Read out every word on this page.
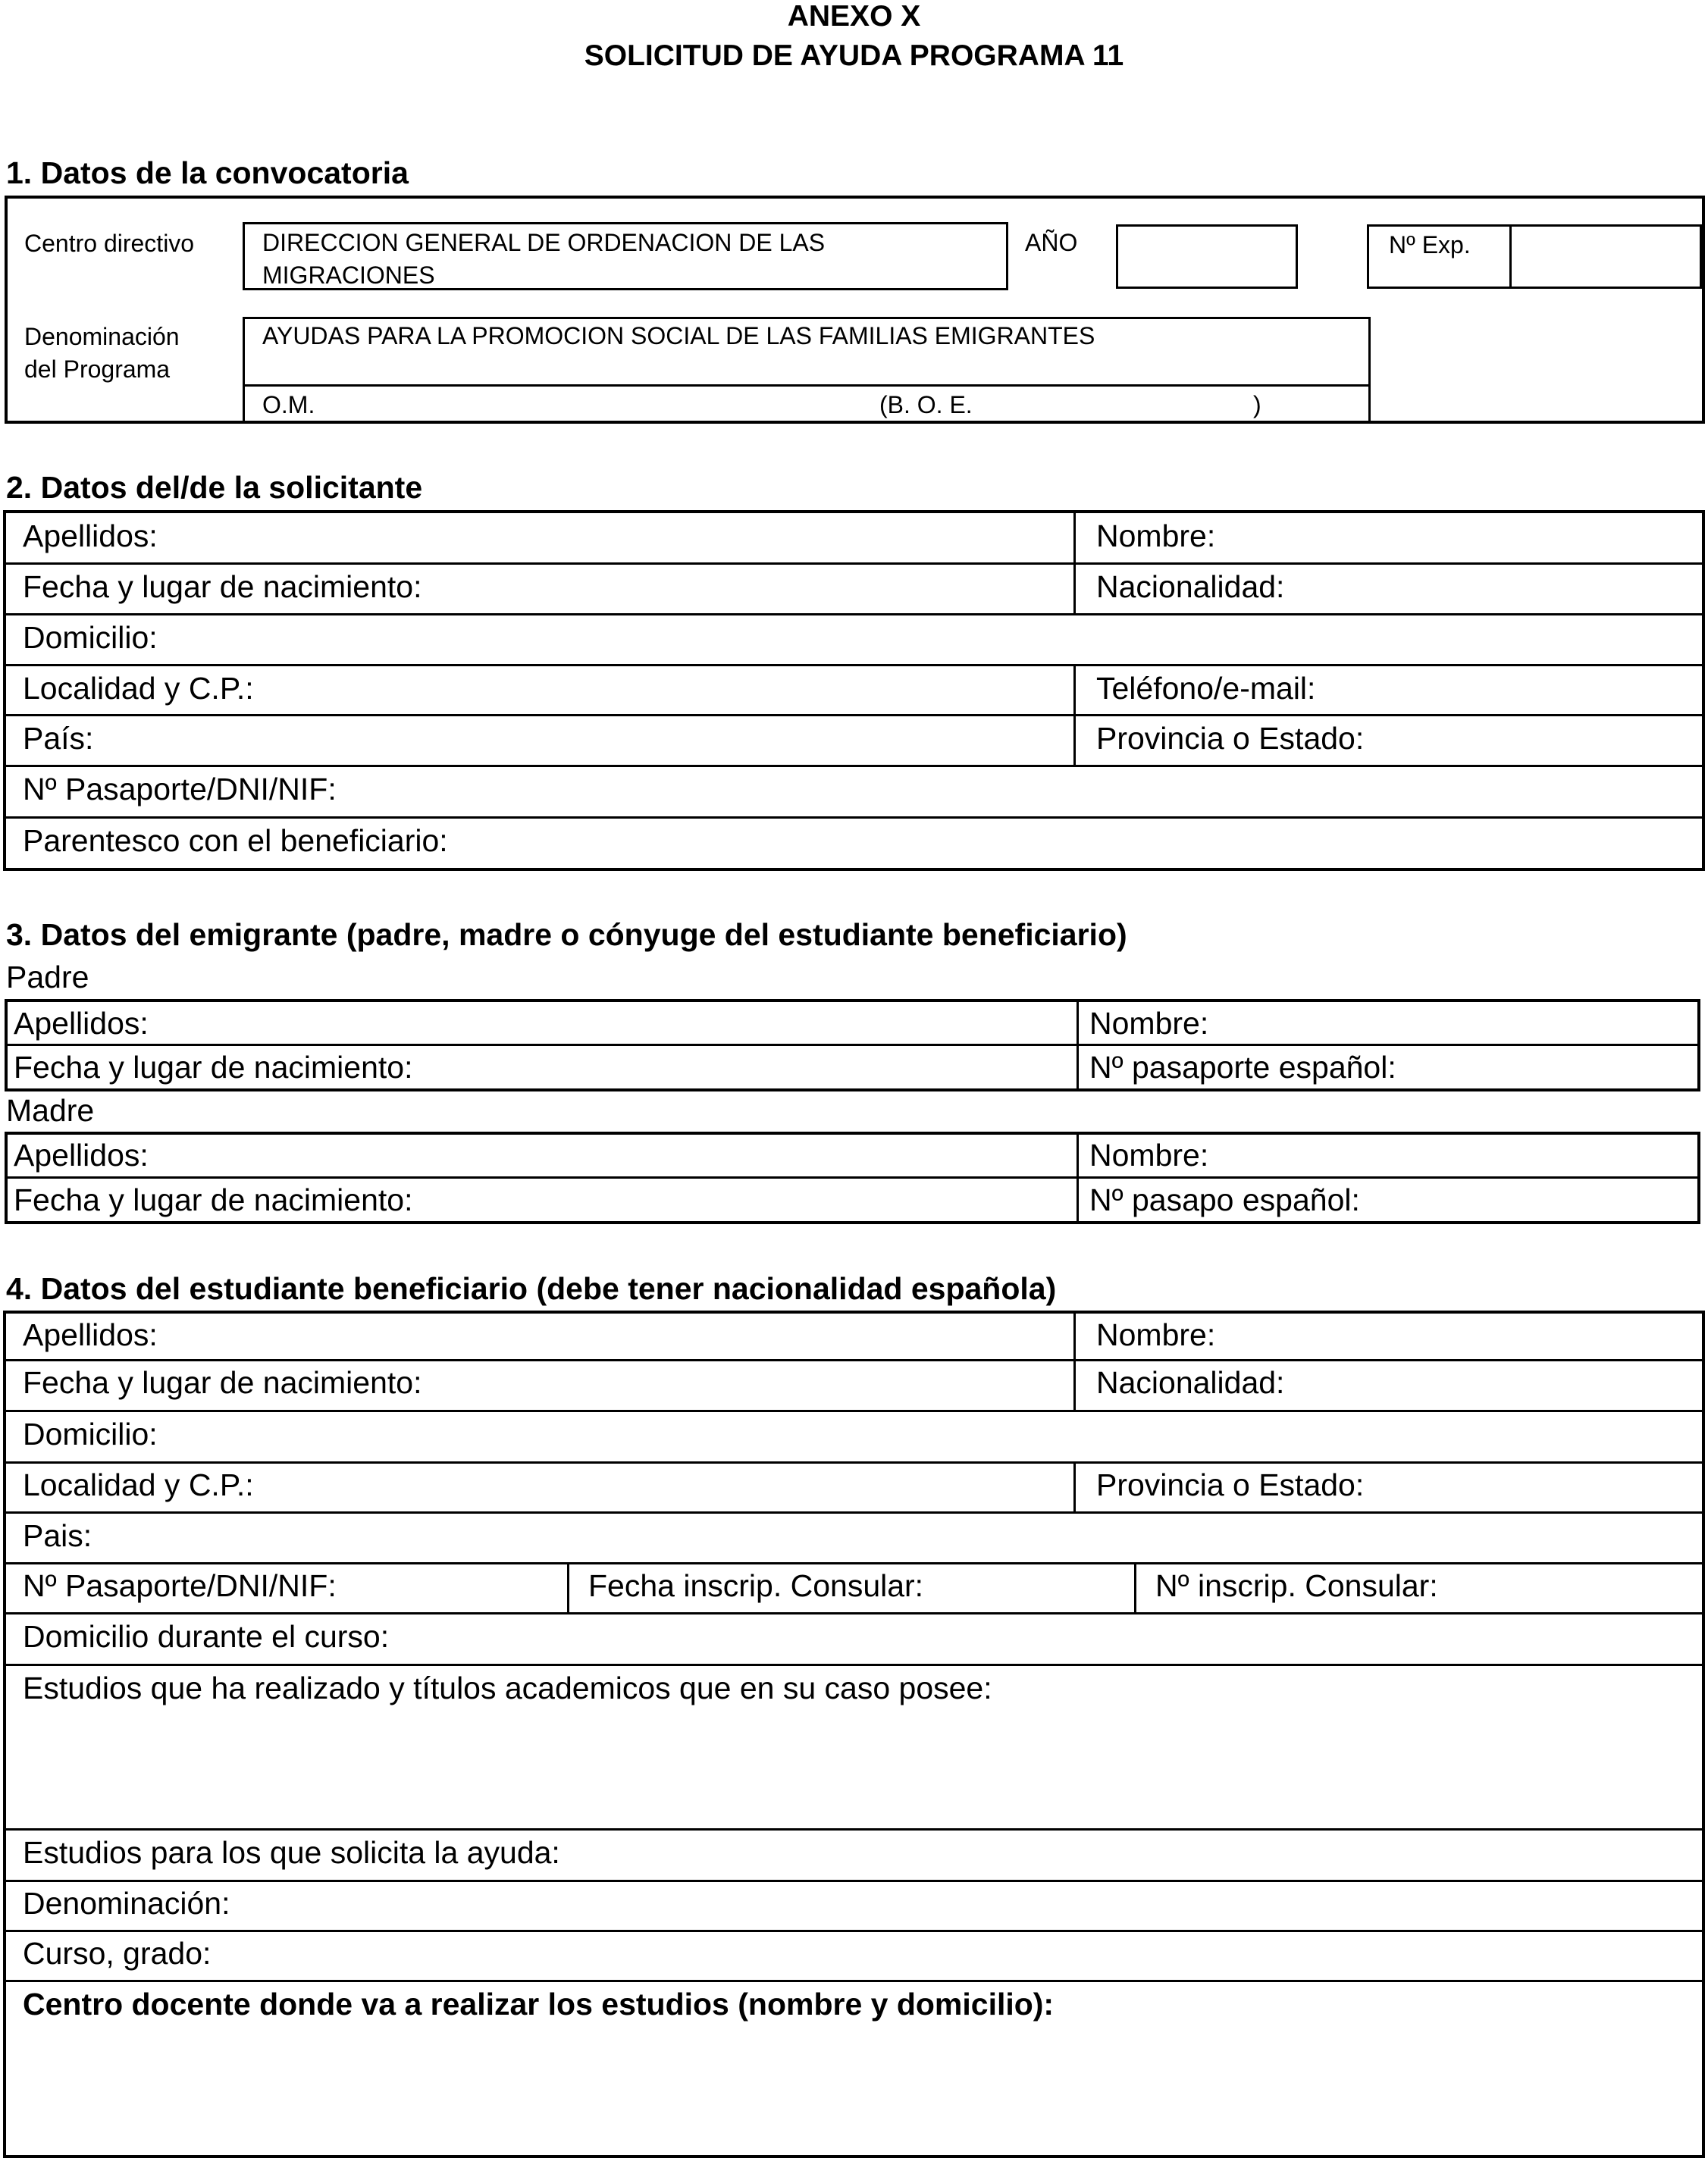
ANEXO X
SOLICITUD DE AYUDA PROGRAMA 11
1. Datos de la convocatoria
Centro directivo	DIRECCION GENERAL DE ORDENACION DE LAS
MIGRACIONES
AÑO	Nº Exp.
Denominación
del Programa
AYUDAS PARA LA PROMOCION SOCIAL DE LAS FAMILIAS EMIGRANTES
O.M.	(B. O. E.	)
2. Datos del/de la solicitante
Apellidos:	Nombre:
Fecha y lugar de nacimiento:	Nacionalidad:
Domicilio:
Localidad y C.P.:	Teléfono/e-mail:
País:	Provincia o Estado:
Nº Pasaporte/DNI/NIF:
Parentesco con el beneficiario:
3. Datos del emigrante (padre, madre o cónyuge del estudiante beneficiario)
Padre
Apellidos:	Nombre:
Fecha y lugar de nacimiento:	Nº pasaporte español:
Madre
Apellidos:	Nombre:
Fecha y lugar de nacimiento:	Nº pasapo español:
4. Datos del estudiante beneficiario (debe tener nacionalidad española)
Apellidos:	Nombre:
Fecha y lugar de nacimiento:	Nacionalidad:
Domicilio:
Localidad y C.P.:	Provincia o Estado:
Pais:
Nº Pasaporte/DNI/NIF:	Fecha inscrip. Consular:	Nº inscrip. Consular:
Domicilio durante el curso:
Estudios que ha realizado y títulos academicos que en su caso posee:
Estudios para los que solicita la ayuda:
Denominación:
Curso, grado:
Centro docente donde va a realizar los estudios (nombre y domicilio):
